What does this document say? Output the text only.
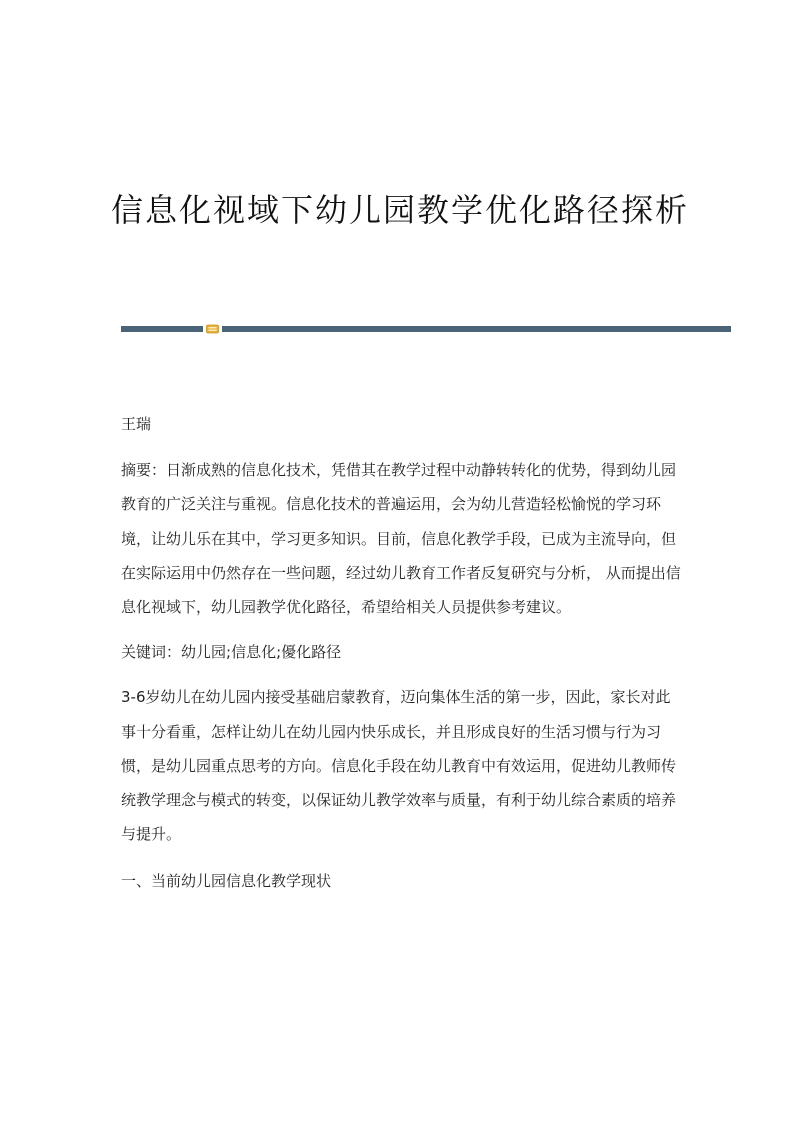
信息化视域下幼儿园教学优化路径探析

王瑞

摘要：日渐成熟的信息化技术，凭借其在教学过程中动静转转化的优势，得到幼儿园教育的广泛关注与重视。信息化技术的普遍运用，会为幼儿营造轻松愉悦的学习环境，让幼儿乐在其中，学习更多知识。目前，信息化教学手段，已成为主流导向，但在实际运用中仍然存在一些问题，经过幼儿教育工作者反复研究与分析， 从而提出信息化视域下，幼儿园教学优化路径，希望给相关人员提供参考建议。

关键词：幼儿园;信息化;優化路径

3-6岁幼儿在幼儿园内接受基础启蒙教育，迈向集体生活的第一步，因此，家长对此事十分看重，怎样让幼儿在幼儿园内快乐成长，并且形成良好的生活习惯与行为习惯，是幼儿园重点思考的方向。信息化手段在幼儿教育中有效运用，促进幼儿教师传统教学理念与模式的转变，以保证幼儿教学效率与质量，有利于幼儿综合素质的培养与提升。

一、当前幼儿园信息化教学现状
